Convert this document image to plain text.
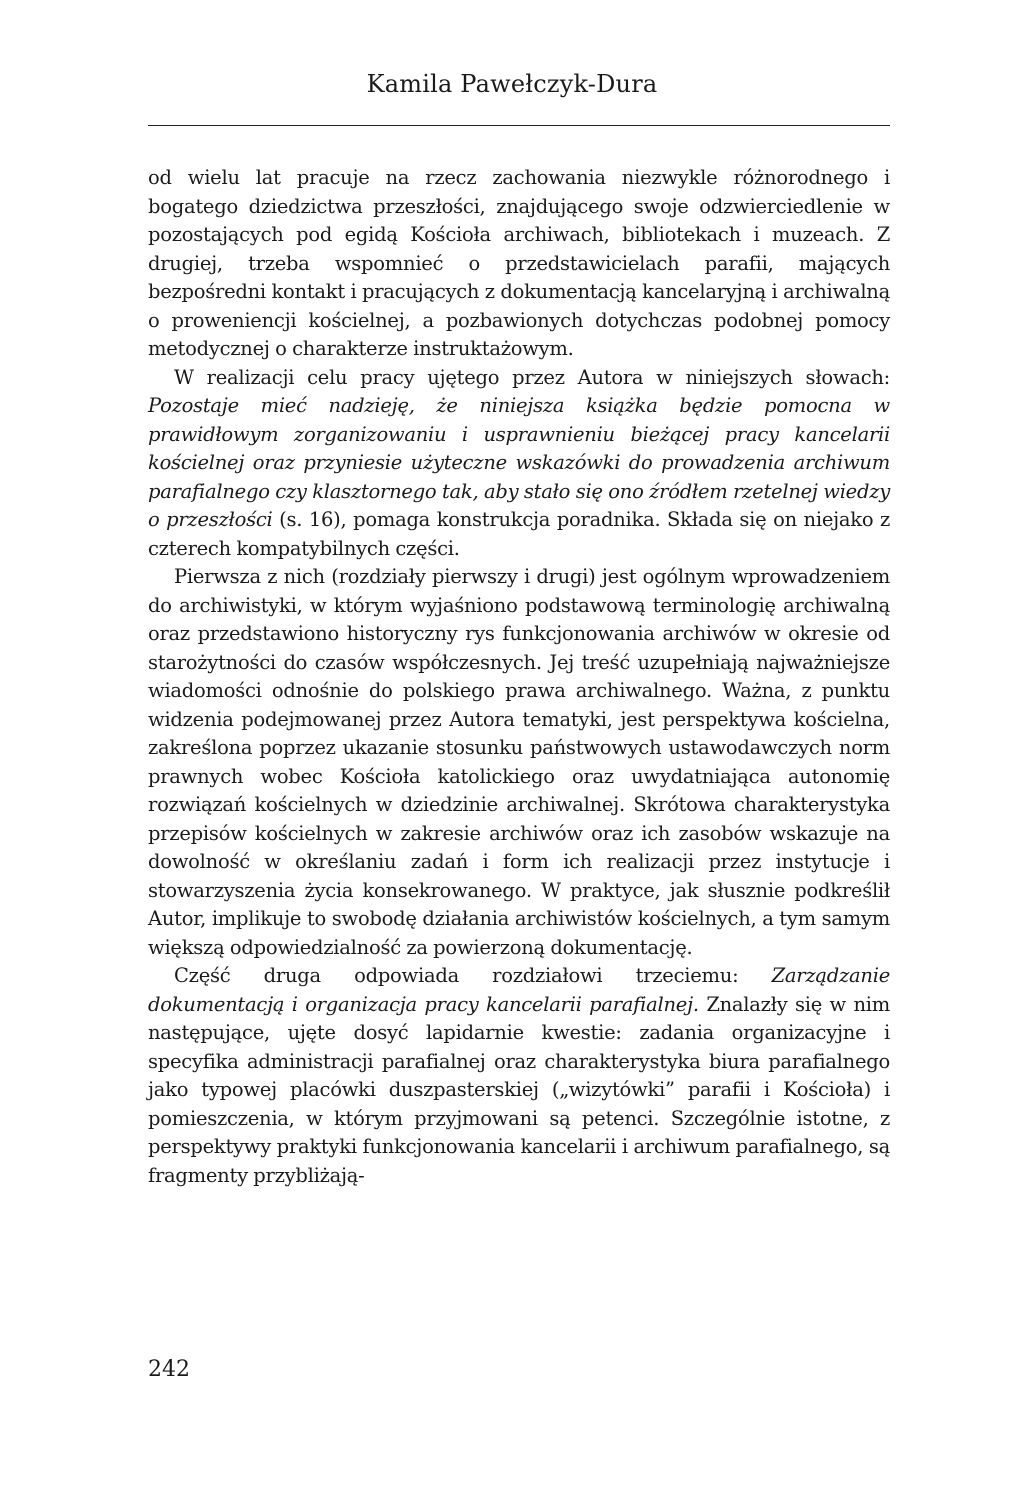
Kamila Pawełczyk-Dura

od wielu lat pracuje na rzecz zachowania niezwykle różnorodnego i bogatego dziedzictwa przeszłości, znajdującego swoje odzwierciedlenie w pozostających pod egidą Kościoła archiwach, bibliotekach i muzeach. Z drugiej, trzeba wspomnieć o przedstawicielach parafii, mających bezpośredni kontakt i pracujących z dokumentacją kancelaryjną i archiwalną o proweniencji kościelnej, a pozbawionych dotychczas podobnej pomocy metodycznej o charakterze instruktażowym.

W realizacji celu pracy ujętego przez Autora w niniejszych słowach: Pozostaje mieć nadzieję, że niniejsza książka będzie pomocna w prawidłowym zorganizowaniu i usprawnieniu bieżącej pracy kancelarii kościelnej oraz przyniesie użyteczne wskazówki do prowadzenia archiwum parafialnego czy klasztornego tak, aby stało się ono źródłem rzetelnej wiedzy o przeszłości (s. 16), pomaga konstrukcja poradnika. Składa się on niejako z czterech kompatybilnych części.

Pierwsza z nich (rozdziały pierwszy i drugi) jest ogólnym wprowadzeniem do archiwistyki, w którym wyjaśniono podstawową terminologię archiwalną oraz przedstawiono historyczny rys funkcjonowania archiwów w okresie od starożytności do czasów współczesnych. Jej treść uzupełniają najważniejsze wiadomości odnośnie do polskiego prawa archiwalnego. Ważna, z punktu widzenia podejmowanej przez Autora tematyki, jest perspektywa kościelna, zakreślona poprzez ukazanie stosunku państwowych ustawodawczych norm prawnych wobec Kościoła katolickiego oraz uwydatniająca autonomię rozwiązań kościelnych w dziedzinie archiwalnej. Skrótowa charakterystyka przepisów kościelnych w zakresie archiwów oraz ich zasobów wskazuje na dowolność w określaniu zadań i form ich realizacji przez instytucje i stowarzyszenia życia konsekrowanego. W praktyce, jak słusznie podkreślił Autor, implikuje to swobodę działania archiwistów kościelnych, a tym samym większą odpowiedzialność za powierzoną dokumentację.

Część druga odpowiada rozdziałowi trzeciemu: Zarządzanie dokumentacją i organizacja pracy kancelarii parafialnej. Znalazły się w nim następujące, ujęte dosyć lapidarnie kwestie: zadania organizacyjne i specyfika administracji parafialnej oraz charakterystyka biura parafialnego jako typowej placówki duszpasterskiej („wizytówki” parafii i Kościoła) i pomieszczenia, w którym przyjmowani są petenci. Szczególnie istotne, z perspektywy praktyki funkcjonowania kancelarii i archiwum parafialnego, są fragmenty przybliżają-

242
